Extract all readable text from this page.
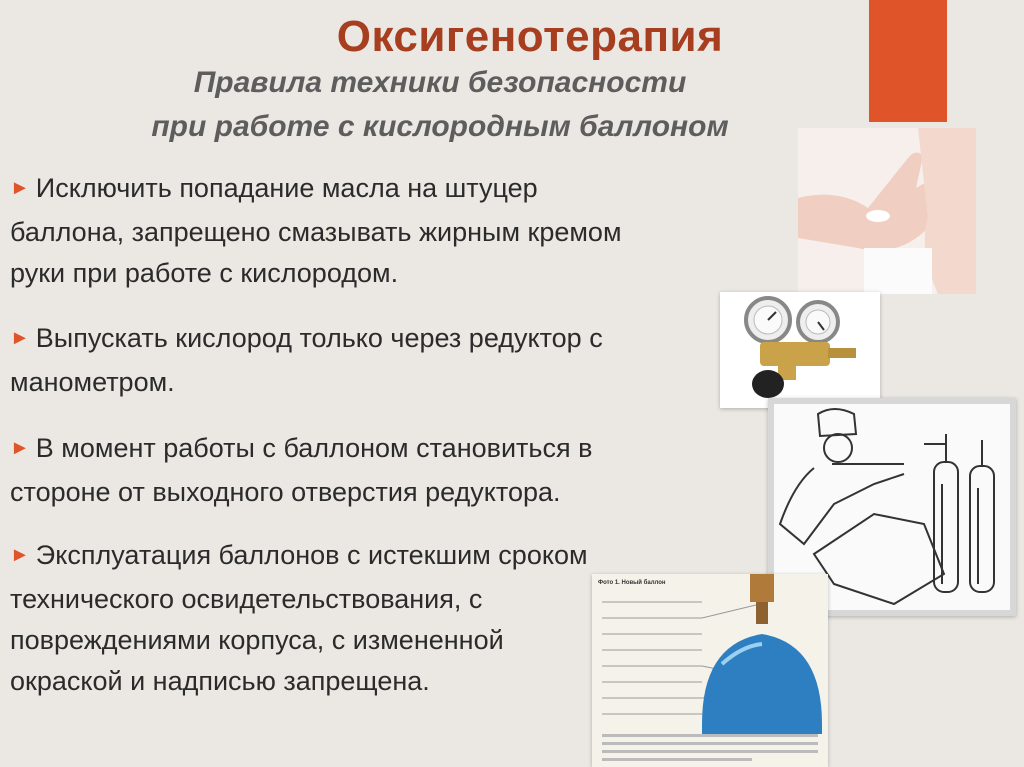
Оксигенотерапия
Правила техники безопасности
при работе с кислородным баллоном
► Исключить попадание масла на штуцер
баллона, запрещено смазывать жирным кремом
руки при работе с кислородом.
► Выпускать кислород только через редуктор с
манометром.
► В момент работы с баллоном становиться в
стороне от выходного отверстия редуктора.
► Эксплуатация баллонов с истекшим сроком
технического освидетельствования, с
повреждениями корпуса, с измененной
окраской и надписью запрещена.
Фото 1. Новый баллон
